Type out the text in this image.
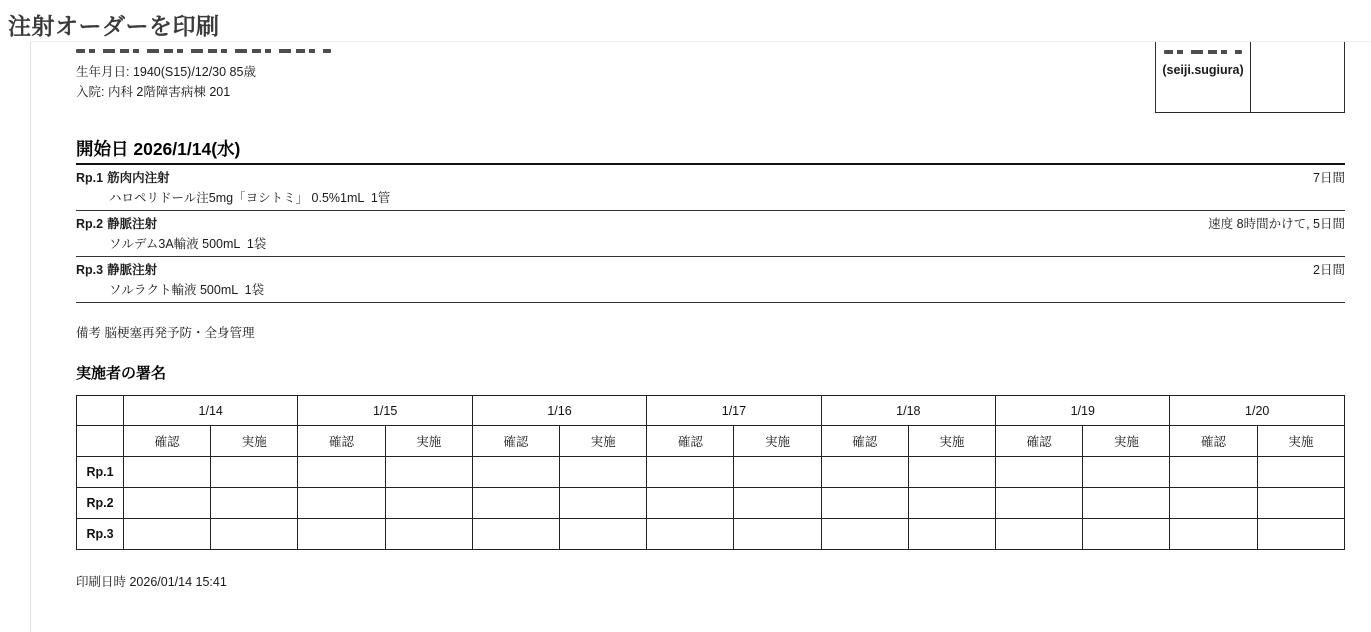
注射オーダーを印刷
(seiji.sugiura)
生年月日: 1940(S15)/12/30 85歳
入院: 内科 2階障害病棟 201
開始日 2026/1/14(水)
Rp.1 筋肉内注射	7日間
ハロペリドール注5mg「ヨシトミ」 0.5%1mL  1管
Rp.2 静脈注射	速度 8時間かけて, 5日間
ソルデム3A輸液 500mL  1袋
Rp.3 静脈注射	2日間
ソルラクト輸液 500mL  1袋
備考 脳梗塞再発予防・全身管理
実施者の署名
	1/14		1/15		1/16		1/17		1/18		1/19		1/20	
	確認	実施	確認	実施	確認	実施	確認	実施	確認	実施	確認	実施	確認	実施
Rp.1														
Rp.2														
Rp.3														
印刷日時 2026/01/14 15:41
